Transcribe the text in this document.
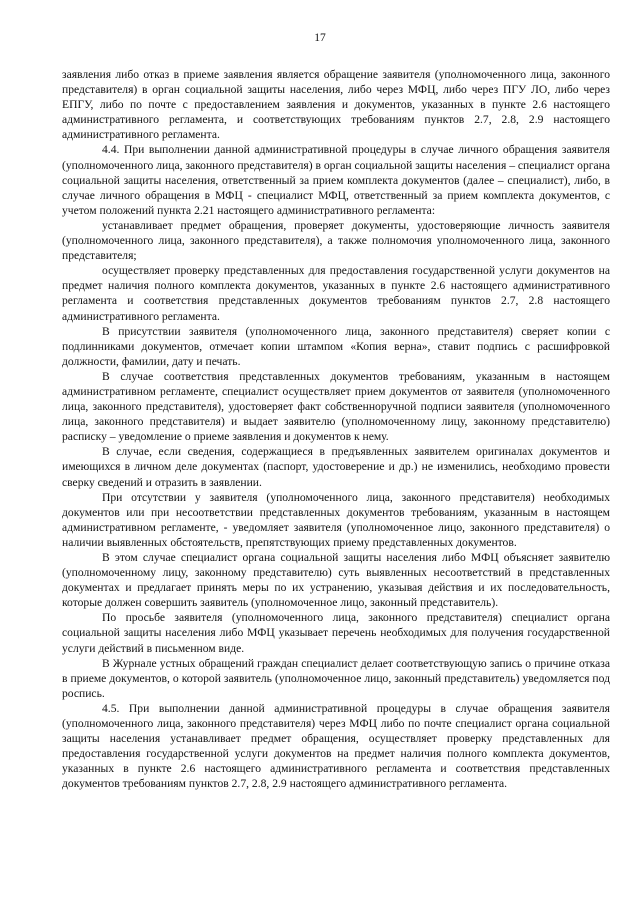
17

заявления либо отказ в приеме заявления является обращение заявителя (уполномоченного лица, законного представителя) в орган социальной защиты населения, либо через МФЦ, либо через ПГУ ЛО, либо через ЕПГУ, либо по почте с предоставлением заявления и документов, указанных в пункте 2.6 настоящего административного регламента, и соответствующих требованиям пунктов 2.7, 2.8, 2.9 настоящего административного регламента.

4.4. При выполнении данной административной процедуры в случае личного обращения заявителя (уполномоченного лица, законного представителя) в орган социальной защиты населения – специалист органа социальной защиты населения, ответственный за прием комплекта документов (далее – специалист), либо, в случае личного обращения в МФЦ - специалист МФЦ, ответственный за прием комплекта документов, с учетом положений пункта 2.21 настоящего административного регламента:

устанавливает предмет обращения, проверяет документы, удостоверяющие личность заявителя (уполномоченного лица, законного представителя), а также полномочия уполномоченного лица, законного представителя;

осуществляет проверку представленных для предоставления государственной услуги документов на предмет наличия полного комплекта документов, указанных в пункте 2.6 настоящего административного регламента и соответствия представленных документов требованиям пунктов 2.7, 2.8 настоящего административного регламента.

В присутствии заявителя (уполномоченного лица, законного представителя) сверяет копии с подлинниками документов, отмечает копии штампом «Копия верна», ставит подпись с расшифровкой должности, фамилии, дату и печать.

В случае соответствия представленных документов требованиям, указанным в настоящем административном регламенте, специалист осуществляет прием документов от заявителя (уполномоченного лица, законного представителя), удостоверяет факт собственноручной подписи заявителя (уполномоченного лица, законного представителя) и выдает заявителю (уполномоченному лицу, законному представителю) расписку – уведомление о приеме заявления и документов к нему.

В случае, если сведения, содержащиеся в предъявленных заявителем оригиналах документов и имеющихся в личном деле документах (паспорт, удостоверение и др.) не изменились, необходимо провести сверку сведений и отразить в заявлении.

При отсутствии у заявителя (уполномоченного лица, законного представителя) необходимых документов или при несоответствии представленных документов требованиям, указанным в настоящем административном регламенте, - уведомляет заявителя (уполномоченное лицо, законного представителя) о наличии выявленных обстоятельств, препятствующих приему представленных документов.

В этом случае специалист органа социальной защиты населения либо МФЦ объясняет заявителю (уполномоченному лицу, законному представителю) суть выявленных несоответствий в представленных документах и предлагает принять меры по их устранению, указывая действия и их последовательность, которые должен совершить заявитель (уполномоченное лицо, законный представитель).

По просьбе заявителя (уполномоченного лица, законного представителя) специалист органа социальной защиты населения либо МФЦ указывает перечень необходимых для получения государственной услуги действий в письменном виде.

В Журнале устных обращений граждан специалист делает соответствующую запись о причине отказа в приеме документов, о которой заявитель (уполномоченное лицо, законный представитель) уведомляется под роспись.

4.5. При выполнении данной административной процедуры в случае обращения заявителя (уполномоченного лица, законного представителя) через МФЦ либо по почте специалист органа социальной защиты населения устанавливает предмет обращения, осуществляет проверку представленных для предоставления государственной услуги документов на предмет наличия полного комплекта документов, указанных в пункте 2.6 настоящего административного регламента и соответствия представленных документов требованиям пунктов 2.7, 2.8, 2.9 настоящего административного регламента.
